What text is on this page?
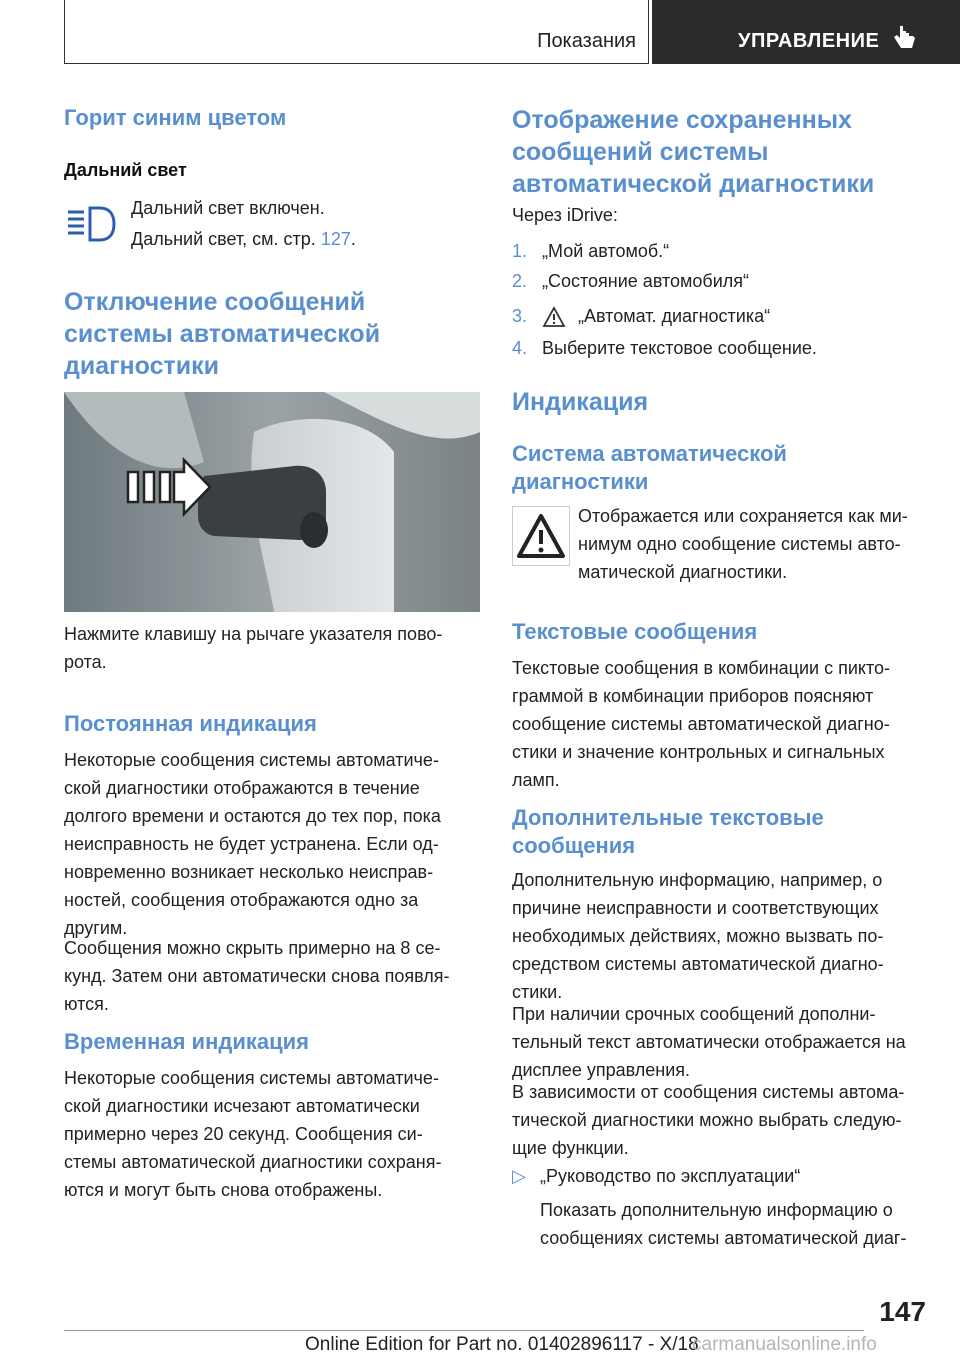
Показания	УПРАВЛЕНИЕ
Горит синим цветом
Дальний свет
Дальний свет включен.
Дальний свет, см. стр. 127.
Отключение сообщений
системы автоматической
диагностики
Нажмите клавишу на рычаге указателя пово-
рота.
Постоянная индикация
Некоторые сообщения системы автоматиче-
ской диагностики отображаются в течение
долгого времени и остаются до тех пор, пока
неисправность не будет устранена. Если од-
новременно возникает несколько неисправ-
ностей, сообщения отображаются одно за
другим.
Сообщения можно скрыть примерно на 8 се-
кунд. Затем они автоматически снова появля-
ются.
Временная индикация
Некоторые сообщения системы автоматиче-
ской диагностики исчезают автоматически
примерно через 20 секунд. Сообщения си-
стемы автоматической диагностики сохраня-
ются и могут быть снова отображены.
Отображение сохраненных
сообщений системы
автоматической диагностики
Через iDrive:
1. „Мой автомоб.“
2. „Состояние автомобиля“
3.	„Автомат. диагностика“
4. Выберите текстовое сообщение.
Индикация
Система автоматической
диагностики
Отображается или сохраняется как ми-
нимум одно сообщение системы авто-
матической диагностики.
Текстовые сообщения
Текстовые сообщения в комбинации с пикто-
граммой в комбинации приборов поясняют
сообщение системы автоматической диагно-
стики и значение контрольных и сигнальных
ламп.
Дополнительные текстовые
сообщения
Дополнительную информацию, например, о
причине неисправности и соответствующих
необходимых действиях, можно вызвать по-
средством системы автоматической диагно-
стики.
При наличии срочных сообщений дополни-
тельный текст автоматически отображается на
дисплее управления.
В зависимости от сообщения системы автома-
тической диагностики можно выбрать следую-
щие функции.
▷ „Руководство по эксплуатации“
Показать дополнительную информацию о
сообщениях системы автоматической диаг-
147
Online Edition for Part no. 01402896117 - X/18
carmanualsonline.info
